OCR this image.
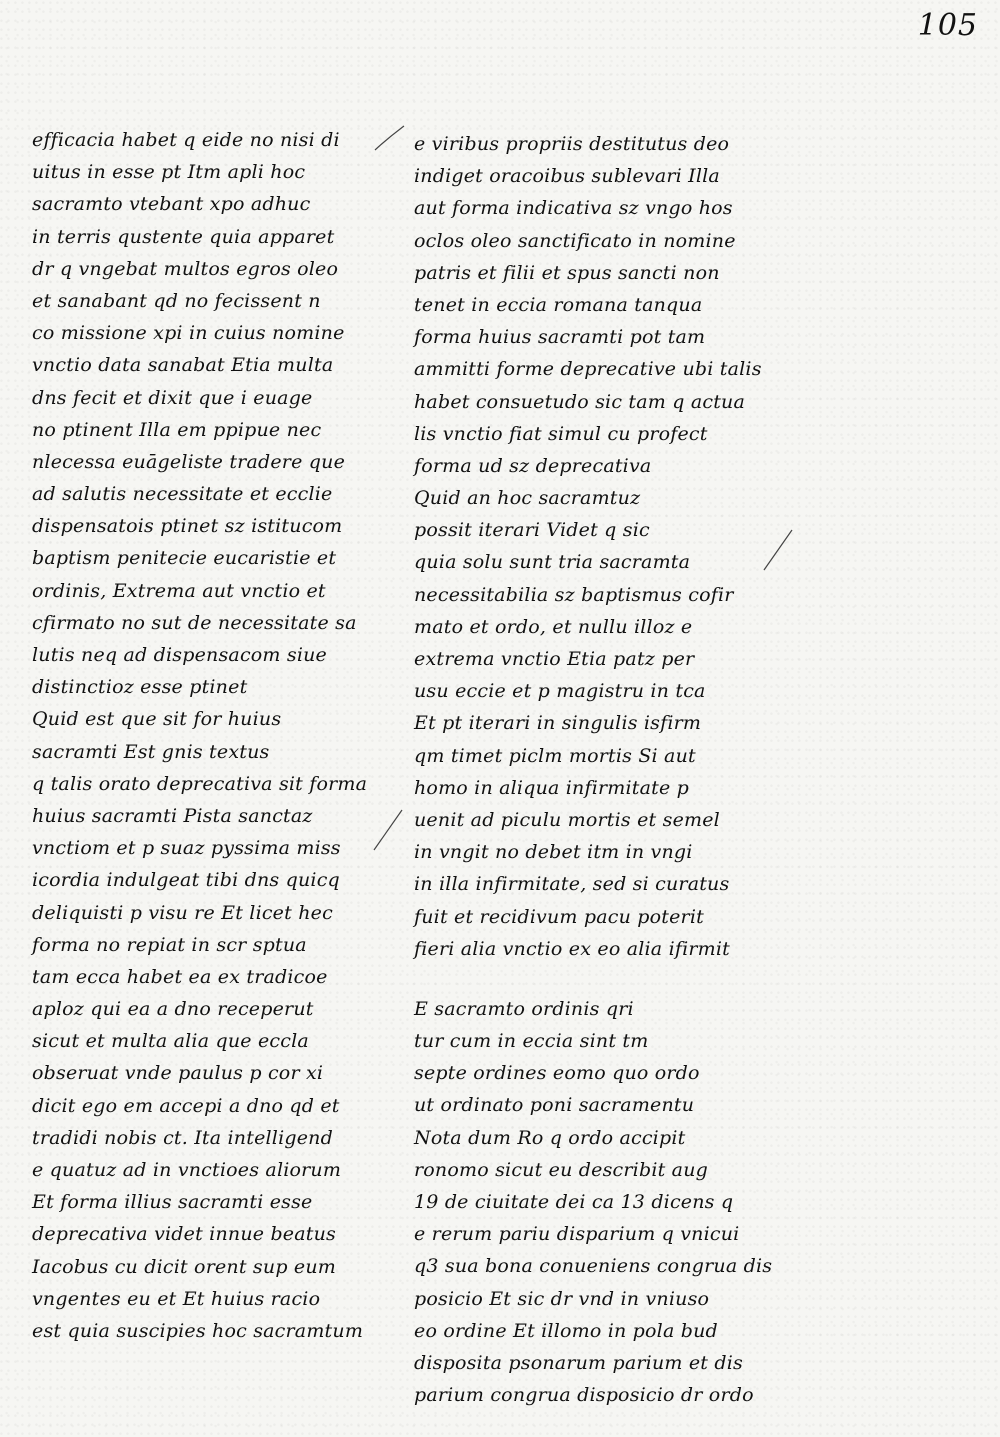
105
efficacia habet q eide no nisi di
uitus in esse pt Itm apli hoc
sacramto vtebant xpo adhuc
in terris qustente quia apparet
dr q vngebat multos egros oleo
et sanabant qd no fecissent n
co missione xpi in cuius nomine
vnctio data sanabat Etia multa
dns fecit et dixit que i euage
no ptinent Illa em ppipue nec
nlecessa euāgeliste tradere que
ad salutis necessitate et ecclie
dispensatois ptinet sz istitucom
baptism penitecie eucaristie et
ordinis, Extrema aut vnctio et
cfirmato no sut de necessitate sa
lutis neq ad dispensacom siue
distinctioz esse ptinet
Quid est que sit for huius
sacramti Est gnis textus
q talis orato deprecativa sit forma
huius sacramti Pista sanctaz
vnctiom et p suaz pyssima miss
icordia indulgeat tibi dns quicq
deliquisti p visu re Et licet hec
forma no repiat in scr sptua
tam ecca habet ea ex tradicoe
aploz qui ea a dno receperut
sicut et multa alia que eccla
obseruat vnde paulus p cor xi
dicit ego em accepi a dno qd et
tradidi nobis ct. Ita intelligend
e quatuz ad in vnctioes aliorum
Et forma illius sacramti esse
deprecativa videt innue beatus
Iacobus cu dicit orent sup eum
vngentes eu et Et huius racio
est quia suscipies hoc sacramtum
e viribus propriis destitutus deo
indiget oracoibus sublevari Illa
aut forma indicativa sz vngo hos
oclos oleo sanctificato in nomine
patris et filii et spus sancti non
tenet in eccia romana tanqua
forma huius sacramti pot tam
ammitti forme deprecative ubi talis
habet consuetudo sic tam q actua
lis vnctio fiat simul cu profect
forma ud sz deprecativa
Quid an hoc sacramtuz
possit iterari Videt q sic
quia solu sunt tria sacramta
necessitabilia sz baptismus cofir
mato et ordo, et nullu illoz e
extrema vnctio Etia patz per
usu eccie et p magistru in tca
Et pt iterari in singulis isfirm
qm timet piclm mortis Si aut
homo in aliqua infirmitate p
uenit ad piculu mortis et semel
in vngit no debet itm in vngi
in illa infirmitate, sed si curatus
fuit et recidivum pacu poterit
fieri alia vnctio ex eo alia ifirmit
E sacramto ordinis qri
tur cum in eccia sint tm
septe ordines eomo quo ordo
ut ordinato poni sacramentu
Nota dum Ro q ordo accipit
ronomo sicut eu describit aug
19 de ciuitate dei ca 13 dicens q
e rerum pariu disparium q vnicui
q3 sua bona conueniens congrua dis
posicio Et sic dr vnd in vniuso
eo ordine Et illomo in pola bud
disposita psonarum parium et dis
parium congrua disposicio dr ordo
